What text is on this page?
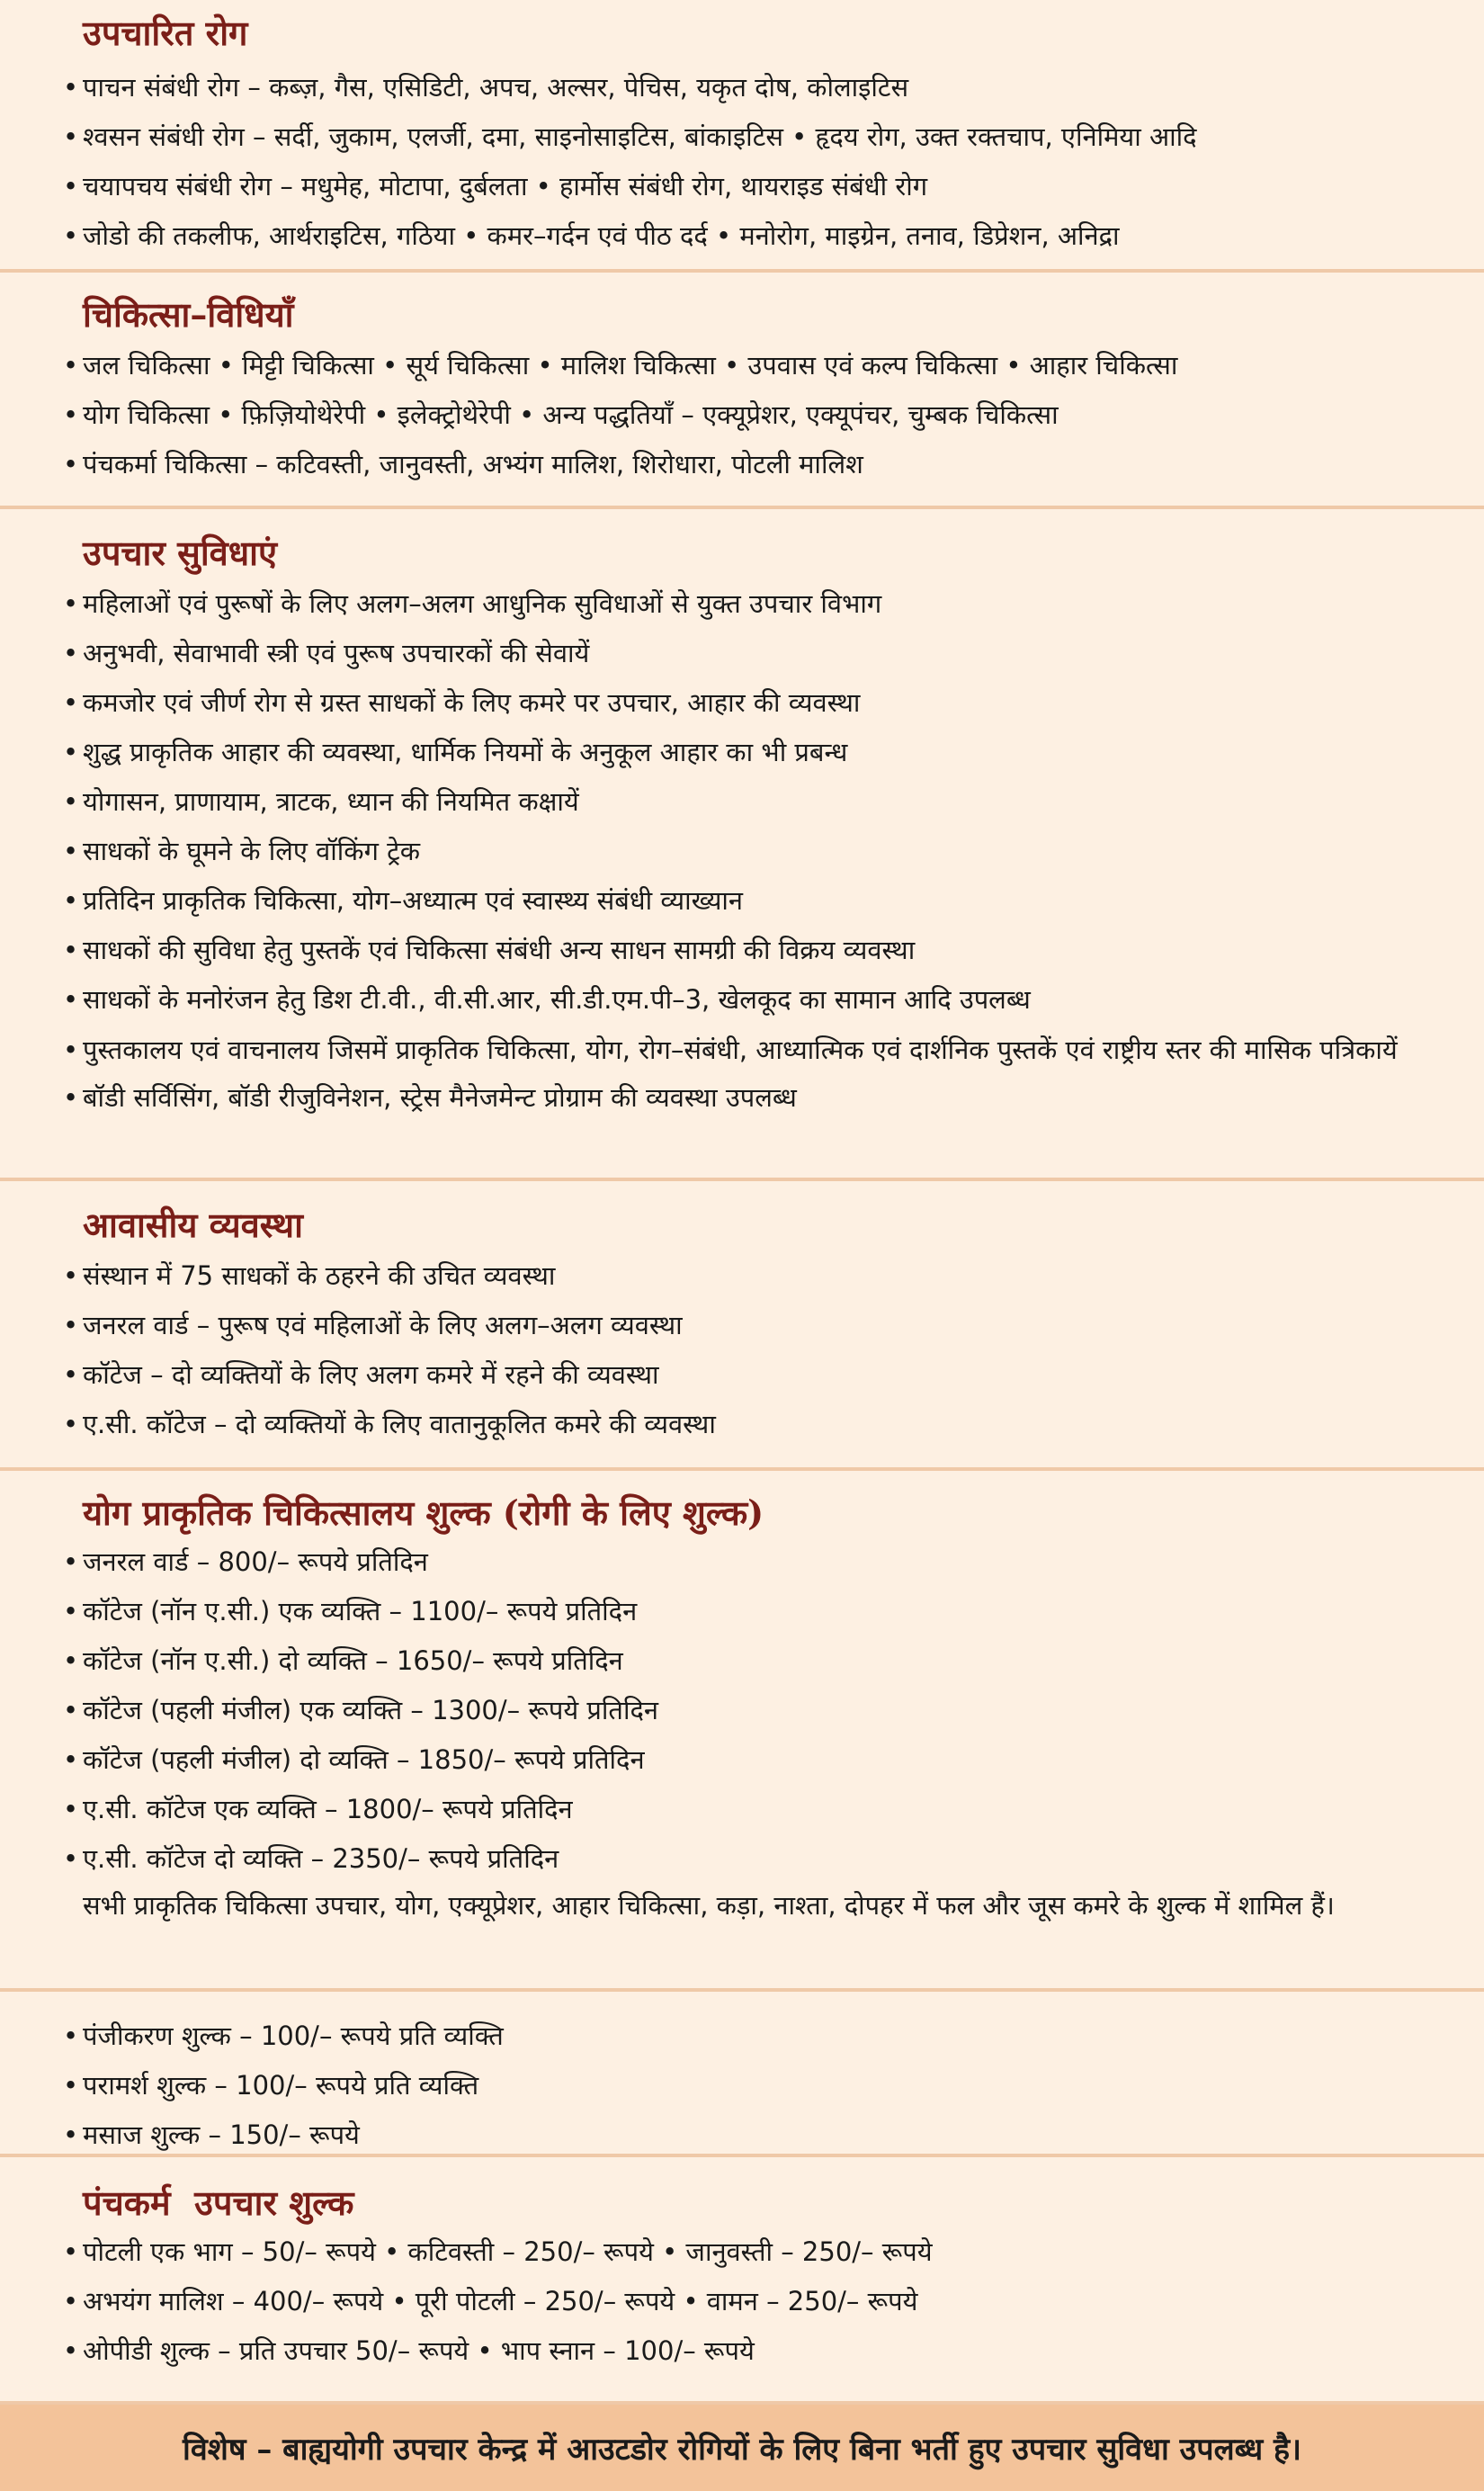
उपचारित रोग
• पाचन संबंधी रोग – कब्ज़, गैस, एसिडिटी, अपच, अल्सर, पेचिस, यकृत दोष, कोलाइटिस
• श्वसन संबंधी रोग – सर्दी, जुकाम, एलर्जी, दमा, साइनोसाइटिस, बांकाइटिस • हृदय रोग, उक्त रक्तचाप, एनिमिया आदि
• चयापचय संबंधी रोग – मधुमेह, मोटापा, दुर्बलता • हार्मोस संबंधी रोग, थायराइड संबंधी रोग
• जोडो की तकलीफ, आर्थराइटिस, गठिया • कमर–गर्दन एवं पीठ दर्द • मनोरोग, माइग्रेन, तनाव, डिप्रेशन, अनिद्रा
चिकित्सा–विधियाँ
• जल चिकित्सा • मिट्टी चिकित्सा • सूर्य चिकित्सा • मालिश चिकित्सा • उपवास एवं कल्प चिकित्सा • आहार चिकित्सा
• योग चिकित्सा • फ़िज़ियोथेरेपी • इलेक्ट्रोथेरेपी • अन्य पद्धतियाँ – एक्यूप्रेशर, एक्यूपंचर, चुम्बक चिकित्सा
• पंचकर्मा चिकित्सा – कटिवस्ती, जानुवस्ती, अभ्यंग मालिश, शिरोधारा, पोटली मालिश
उपचार सुविधाएं
• महिलाओं एवं पुरूषों के लिए अलग–अलग आधुनिक सुविधाओं से युक्त उपचार विभाग
• अनुभवी, सेवाभावी स्त्री एवं पुरूष उपचारकों की सेवायें
• कमजोर एवं जीर्ण रोग से ग्रस्त साधकों के लिए कमरे पर उपचार, आहार की व्यवस्था
• शुद्ध प्राकृतिक आहार की व्यवस्था, धार्मिक नियमों के अनुकूल आहार का भी प्रबन्ध
• योगासन, प्राणायाम, त्राटक, ध्यान की नियमित कक्षायें
• साधकों के घूमने के लिए वॉकिंग ट्रेक
• प्रतिदिन प्राकृतिक चिकित्सा, योग–अध्यात्म एवं स्वास्थ्य संबंधी व्याख्यान
• साधकों की सुविधा हेतु पुस्तकें एवं चिकित्सा संबंधी अन्य साधन सामग्री की विक्रय व्यवस्था
• साधकों के मनोरंजन हेतु डिश टी.वी., वी.सी.आर, सी.डी.एम.पी–3, खेलकूद का सामान आदि उपलब्ध
• पुस्तकालय एवं वाचनालय जिसमें प्राकृतिक चिकित्सा, योग, रोग–संबंधी, आध्यात्मिक एवं दार्शनिक पुस्तकें एवं राष्ट्रीय स्तर की मासिक पत्रिकायें
• बॉडी सर्विसिंग, बॉडी रीजुविनेशन, स्ट्रेस मैनेजमेन्ट प्रोग्राम की व्यवस्था उपलब्ध
आवासीय व्यवस्था
• संस्थान में 75 साधकों के ठहरने की उचित व्यवस्था
• जनरल वार्ड – पुरूष एवं महिलाओं के लिए अलग–अलग व्यवस्था
• कॉटेज – दो व्यक्तियों के लिए अलग कमरे में रहने की व्यवस्था
• ए.सी. कॉटेज – दो व्यक्तियों के लिए वातानुकूलित कमरे की व्यवस्था
योग प्राकृतिक चिकित्सालय शुल्क (रोगी के लिए शुल्क)
• जनरल वार्ड – 800/– रूपये प्रतिदिन
• कॉटेज (नॉन ए.सी.) एक व्यक्ति – 1100/– रूपये प्रतिदिन
• कॉटेज (नॉन ए.सी.) दो व्यक्ति – 1650/– रूपये प्रतिदिन
• कॉटेज (पहली मंजील) एक व्यक्ति – 1300/– रूपये प्रतिदिन
• कॉटेज (पहली मंजील) दो व्यक्ति – 1850/– रूपये प्रतिदिन
• ए.सी. कॉटेज एक व्यक्ति – 1800/– रूपये प्रतिदिन
• ए.सी. कॉटेज दो व्यक्ति – 2350/– रूपये प्रतिदिन

सभी प्राकृतिक चिकित्सा उपचार, योग, एक्यूप्रेशर, आहार चिकित्सा, कड़ा, नाश्ता, दोपहर में फल और जूस कमरे के शुल्क में शामिल हैं।

• पंजीकरण शुल्क – 100/– रूपये प्रति व्यक्ति
• परामर्श शुल्क – 100/– रूपये प्रति व्यक्ति
• मसाज शुल्क – 150/– रूपये
पंचकर्म  उपचार शुल्क
• पोटली एक भाग – 50/– रूपये • कटिवस्ती – 250/– रूपये • जानुवस्ती – 250/– रूपये
• अभयंग मालिश – 400/– रूपये • पूरी पोटली – 250/– रूपये • वामन – 250/– रूपये
• ओपीडी शुल्क – प्रति उपचार 50/– रूपये • भाप स्नान – 100/– रूपये
विशेष – बाह्ययोगी उपचार केन्द्र में आउटडोर रोगियों के लिए बिना भर्ती हुए उपचार सुविधा उपलब्ध है।
